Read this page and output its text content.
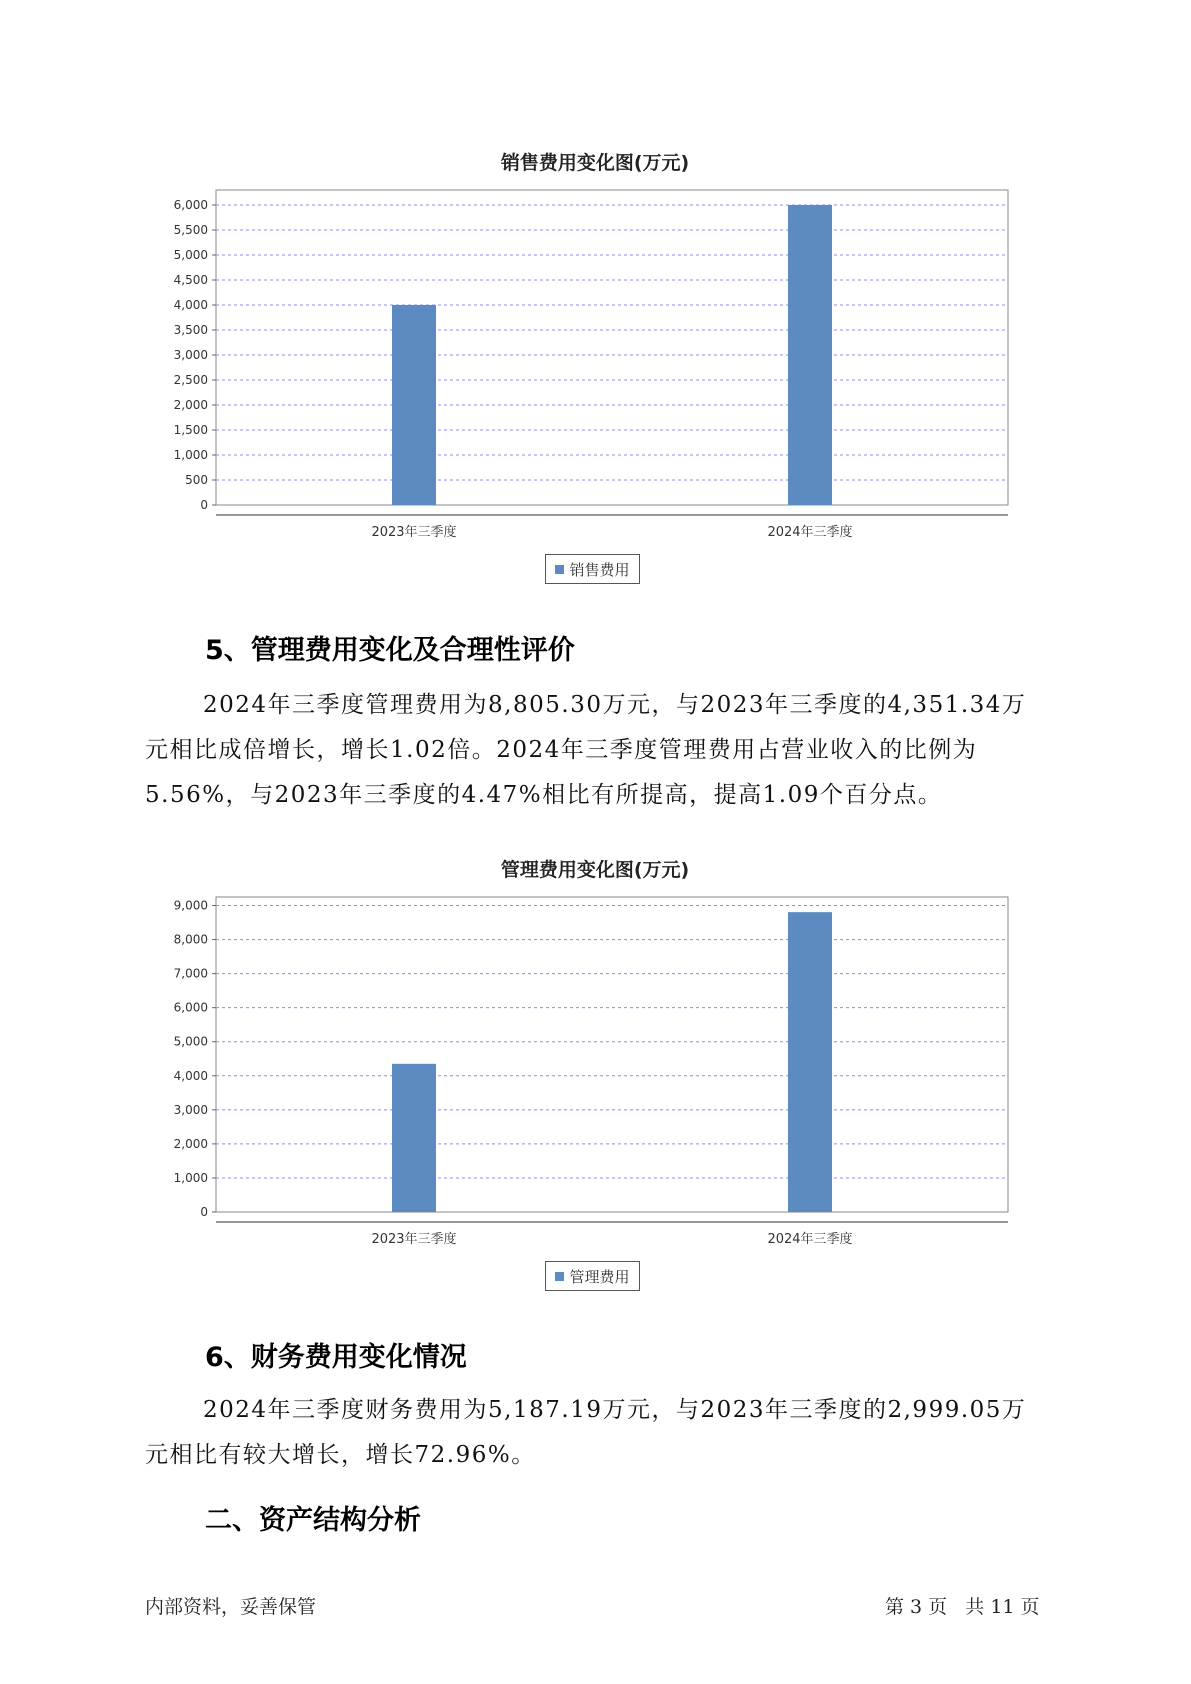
销售费用变化图(万元)
0
500
1,000
1,500
2,000
2,500
3,000
3,500
4,000
4,500
5,000
5,500
6,000
2023年三季度	2024年三季度
销售费用
5、管理费用变化及合理性评价

2024年三季度管理费用为8,805.30万元，与2023年三季度的4,351.34万元相比成倍增长，增长1.02倍。2024年三季度管理费用占营业收入的比例为5.56%，与2023年三季度的4.47%相比有所提高，提高1.09个百分点。

管理费用变化图(万元)
0
1,000
2,000
3,000
4,000
5,000
6,000
7,000
8,000
9,000
2023年三季度	2024年三季度
管理费用
6、财务费用变化情况

2024年三季度财务费用为5,187.19万元，与2023年三季度的2,999.05万元相比有较大增长，增长72.96%。

二、资产结构分析
内部资料，妥善保管	第 3 页   共 11 页
